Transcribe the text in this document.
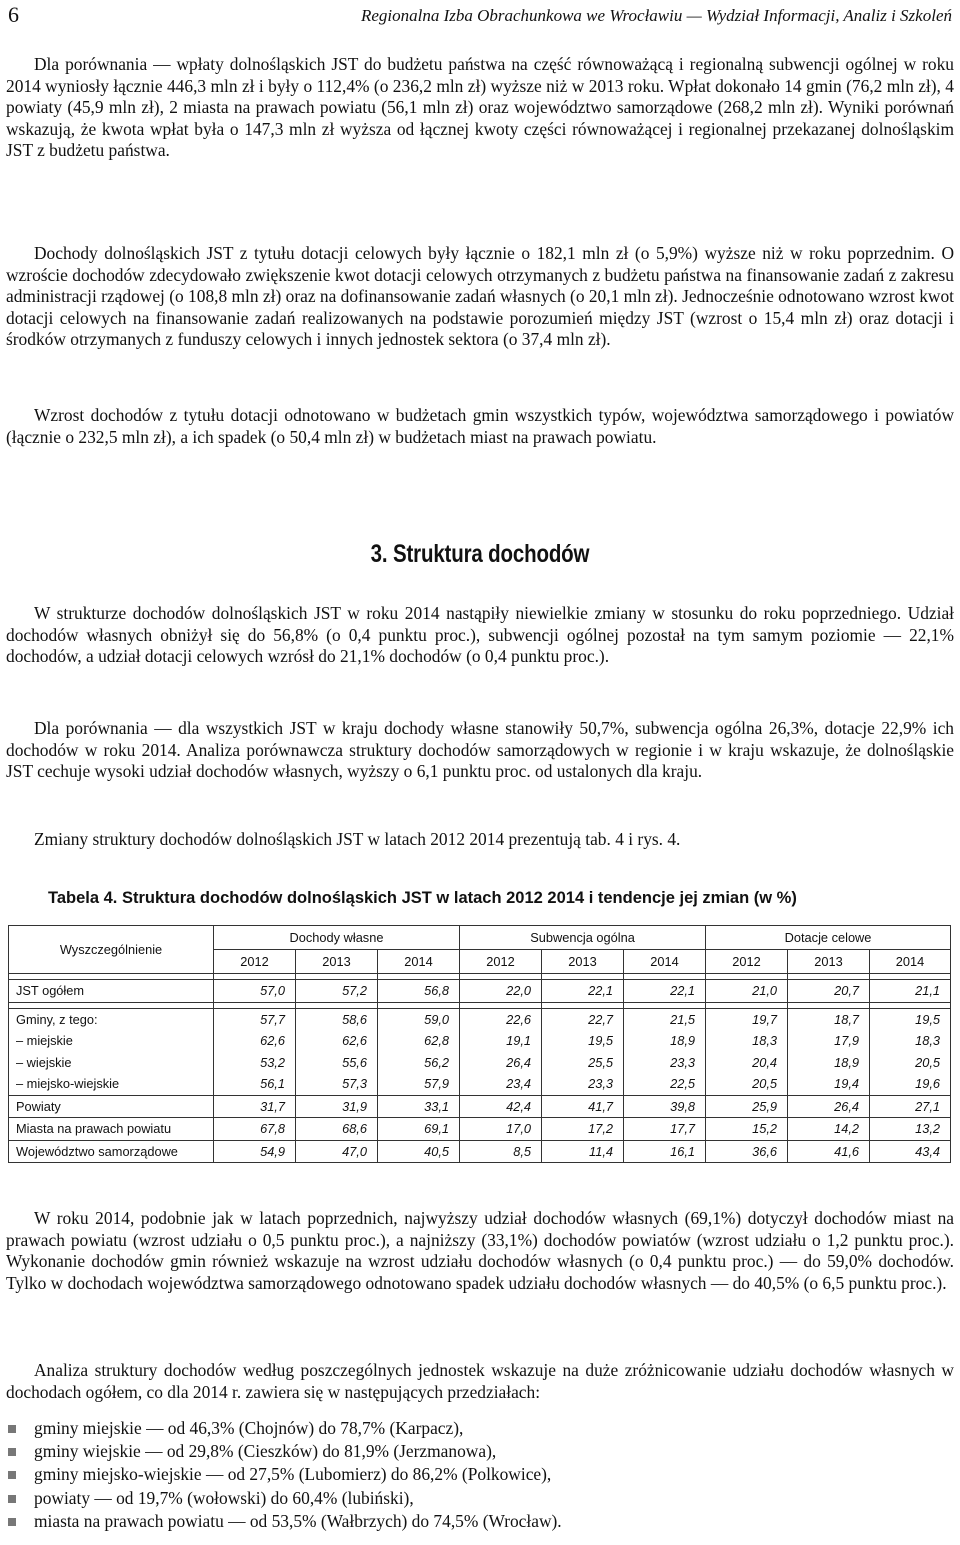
6	Regionalna Izba Obrachunkowa we Wrocławiu — Wydział Informacji, Analiz i Szkoleń

Dla porównania — wpłaty dolnośląskich JST do budżetu państwa na część równoważącą i regionalną subwencji ogólnej w roku 2014 wyniosły łącznie 446,3 mln zł i były o 112,4% (o 236,2 mln zł) wyższe niż w 2013 roku. Wpłat dokonało 14 gmin (76,2 mln zł), 4 powiaty (45,9 mln zł), 2 miasta na prawach powiatu (56,1 mln zł) oraz województwo samorządowe (268,2 mln zł). Wyniki porównań wskazują, że kwota wpłat była o 147,3 mln zł wyższa od łącznej kwoty części równoważącej i regionalnej przekazanej dolnośląskim JST z budżetu państwa.

Dochody dolnośląskich JST z tytułu dotacji celowych były łącznie o 182,1 mln zł (o 5,9%) wyższe niż w roku poprzednim. O wzroście dochodów zdecydowało zwiększenie kwot dotacji celowych otrzymanych z budżetu państwa na finansowanie zadań z zakresu administracji rządowej (o 108,8 mln zł) oraz na dofinansowanie zadań własnych (o 20,1 mln zł). Jednocześnie odnotowano wzrost kwot dotacji celowych na finansowanie zadań realizowanych na podstawie porozumień między JST (wzrost o 15,4 mln zł) oraz dotacji i środków otrzymanych z funduszy celowych i innych jednostek sektora (o 37,4 mln zł).

Wzrost dochodów z tytułu dotacji odnotowano w budżetach gmin wszystkich typów, województwa samorządowego i powiatów (łącznie o 232,5 mln zł), a ich spadek (o 50,4 mln zł) w budżetach miast na prawach powiatu.

3. Struktura dochodów

W strukturze dochodów dolnośląskich JST w roku 2014 nastąpiły niewielkie zmiany w stosunku do roku poprzedniego. Udział dochodów własnych obniżył się do 56,8% (o 0,4 punktu proc.), subwencji ogólnej pozostał na tym samym poziomie — 22,1% dochodów, a udział dotacji celowych wzrósł do 21,1% dochodów (o 0,4 punktu proc.).

Dla porównania — dla wszystkich JST w kraju dochody własne stanowiły 50,7%, subwencja ogólna 26,3%, dotacje 22,9% ich dochodów w roku 2014. Analiza porównawcza struktury dochodów samorządowych w regionie i w kraju wskazuje, że dolnośląskie JST cechuje wysoki udział dochodów własnych, wyższy o 6,1 punktu proc. od ustalonych dla kraju.

Zmiany struktury dochodów dolnośląskich JST w latach 2012 2014 prezentują tab. 4 i rys. 4.

Tabela 4. Struktura dochodów dolnośląskich JST w latach 2012 2014 i tendencje jej zmian (w %)
Wyszczególnienie	Dochody własne			Subwencja ogólna			Dotacje celowe		
	2012	2013	2014	2012	2013	2014	2012	2013	2014

JST ogółem	57,0	57,2	56,8	22,0	22,1	22,1	21,0	20,7	21,1

Gminy, z tego:	57,7	58,6	59,0	22,6	22,7	21,5	19,7	18,7	19,5
– miejskie	62,6	62,6	62,8	19,1	19,5	18,9	18,3	17,9	18,3
– wiejskie	53,2	55,6	56,2	26,4	25,5	23,3	20,4	18,9	20,5
– miejsko-wiejskie	56,1	57,3	57,9	23,4	23,3	22,5	20,5	19,4	19,6
Powiaty	31,7	31,9	33,1	42,4	41,7	39,8	25,9	26,4	27,1
Miasta na prawach powiatu	67,8	68,6	69,1	17,0	17,2	17,7	15,2	14,2	13,2
Województwo samorządowe	54,9	47,0	40,5	8,5	11,4	16,1	36,6	41,6	43,4

W roku 2014, podobnie jak w latach poprzednich, najwyższy udział dochodów własnych (69,1%) dotyczył dochodów miast na prawach powiatu (wzrost udziału o 0,5 punktu proc.), a najniższy (33,1%) dochodów powiatów (wzrost udziału o 1,2 punktu proc.). Wykonanie dochodów gmin również wskazuje na wzrost udziału dochodów własnych (o 0,4 punktu proc.) — do 59,0% dochodów. Tylko w dochodach województwa samorządowego odnotowano spadek udziału dochodów własnych — do 40,5% (o 6,5 punktu proc.).

Analiza struktury dochodów według poszczególnych jednostek wskazuje na duże zróżnicowanie udziału dochodów własnych w dochodach ogółem, co dla 2014 r. zawiera się w następujących przedziałach:

gminy miejskie — od 46,3% (Chojnów) do 78,7% (Karpacz),
gminy wiejskie — od 29,8% (Cieszków) do 81,9% (Jerzmanowa),
gminy miejsko-wiejskie — od 27,5% (Lubomierz) do 86,2% (Polkowice),
powiaty — od 19,7% (wołowski) do 60,4% (lubiński),
miasta na prawach powiatu — od 53,5% (Wałbrzych) do 74,5% (Wrocław).
